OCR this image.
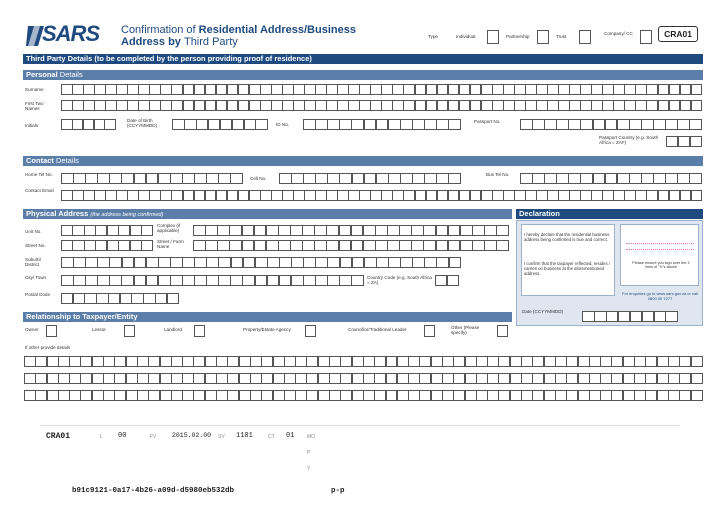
SARS Confirmation of Residential Address/Business
Address by Third Party	Type	Individual	Partnership	Trust
Company/ CC	CRA01
Third Party Details (to be completed by the person providing proof of residence)
Personal Details
Surname
First Two Names
Initials
Date of Birth (CCYYMMDD)	ID No.
Passport No.
Passport Country (e.g. South Africa = ZAF)
Contact Details
Home Tel No.
Cell No.
Bus Tel No.
Contact Email
Physical Address (the address being confirmed)
Unit No.
Complex (if applicable)
Street No.
Street / Farm Name
Suburb/ District
City/ Town	Country Code (e.g. South Africa = ZA)
Postal Code
Declaration
I hereby declare that the residential business address being confirmed is true and correct.
I confirm that the taxpayer reflected, resides / carries on business at the aforementioned address.
Please ensure you sign over the 2 lines of "X"s above
For enquiries go to www.sars.gov.za or call 0800 00 7277
Date (CCYYMMDD)
Relationship to Taxpayer/Entity
Owner	Lessor	Landlord	Property/Estate Agency	Councillor/Traditional Leader	Other (Please specify)
If other provide details
CRA01	L 00	FV 2015.02.00 SV 1101	CT 01	MO
P
Y
b91c9121-0a17-4b26-a09d-d5980eb532db	p-p
